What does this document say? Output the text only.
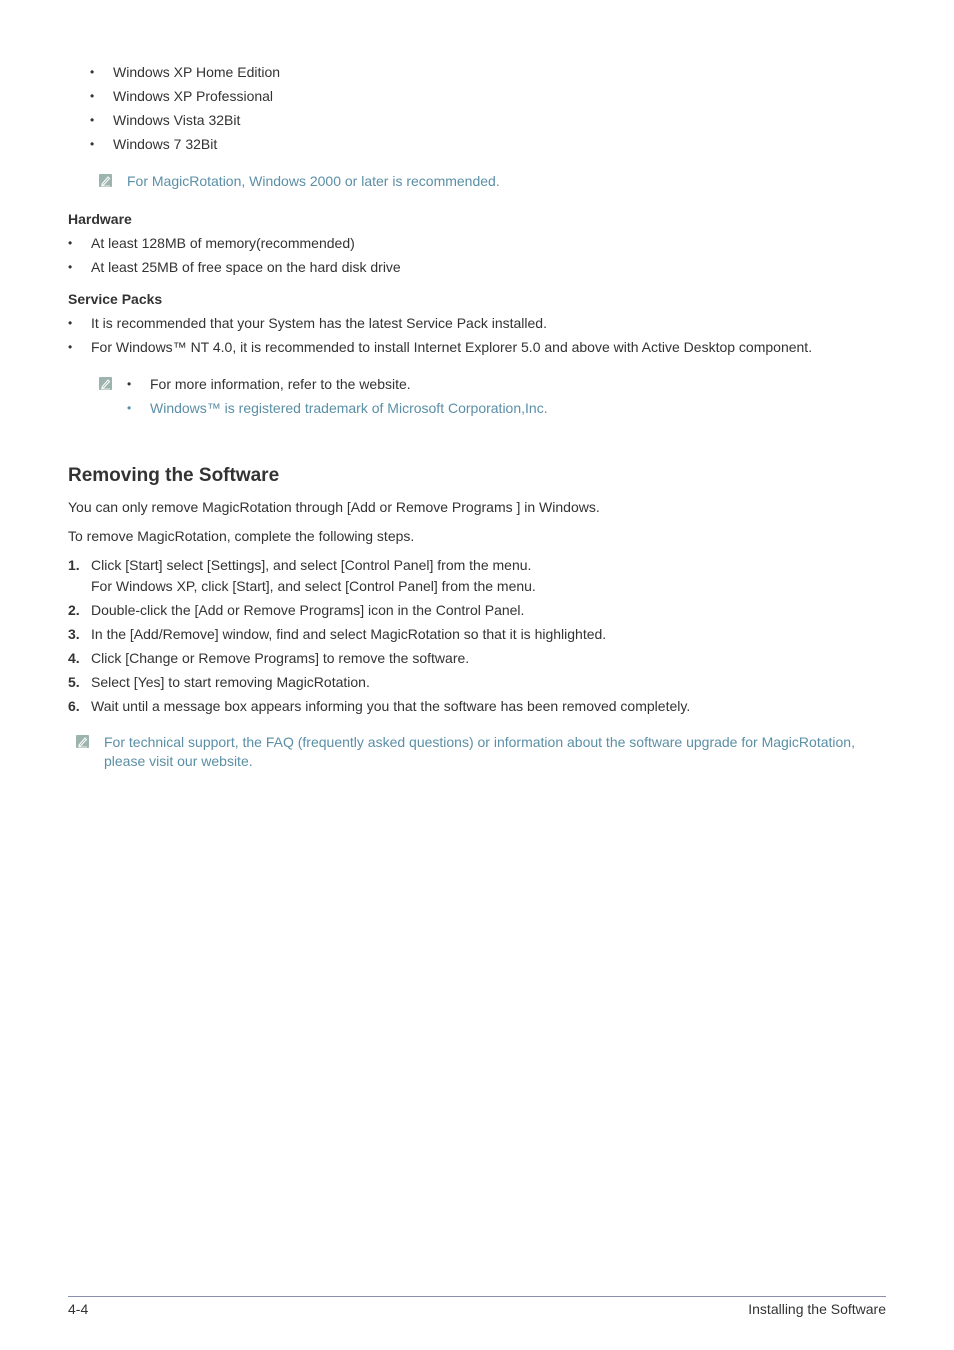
• Windows XP Home Edition
• Windows XP Professional
• Windows Vista 32Bit
• Windows 7 32Bit
For MagicRotation, Windows 2000 or later is recommended.
Hardware
• At least 128MB of memory(recommended)
• At least 25MB of free space on the hard disk drive
Service Packs
• It is recommended that your System has the latest Service Pack installed.
• For Windows™ NT 4.0, it is recommended to install Internet Explorer 5.0 and above with Active Desktop component.
• For more information, refer to the website.
• Windows™ is registered trademark of Microsoft Corporation,Inc.
Removing the Software
You can only remove MagicRotation through [Add or Remove Programs ] in Windows.
To remove MagicRotation, complete the following steps.
1. Click [Start] select [Settings], and select [Control Panel] from the menu.
For Windows XP, click [Start], and select [Control Panel] from the menu.
2. Double-click the [Add or Remove Programs] icon in the Control Panel.
3. In the [Add/Remove] window, find and select MagicRotation so that it is highlighted.
4. Click [Change or Remove Programs] to remove the software.
5. Select [Yes] to start removing MagicRotation.
6. Wait until a message box appears informing you that the software has been removed completely.
For technical support, the FAQ (frequently asked questions) or information about the software upgrade for MagicRotation,
please visit our website.
4-4	Installing the Software
